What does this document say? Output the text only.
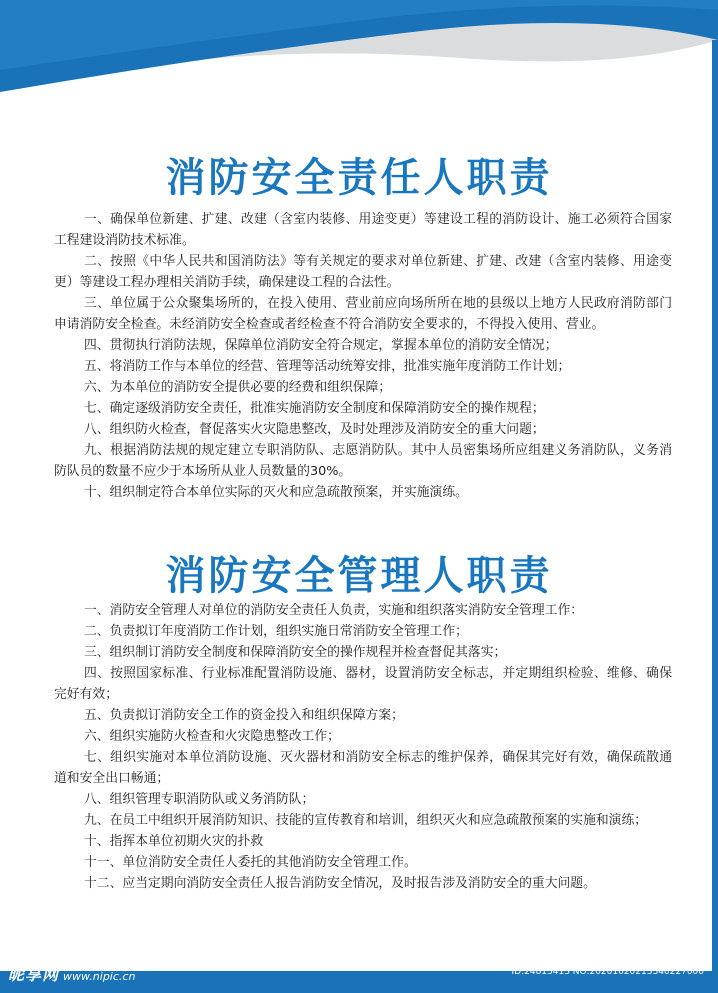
消防安全责任人职责

一、确保单位新建、扩建、改建（含室内装修、用途变更）等建设工程的消防设计、施工必须符合国家工程建设消防技术标准。

二、按照《中华人民共和国消防法》等有关规定的要求对单位新建、扩建、改建（含室内装修、用途变更）等建设工程办理相关消防手续，确保建设工程的合法性。

三、单位属于公众聚集场所的，在投入使用、营业前应向场所所在地的县级以上地方人民政府消防部门申请消防安全检查。未经消防安全检查或者经检查不符合消防安全要求的，不得投入使用、营业。

四、贯彻执行消防法规，保障单位消防安全符合规定，掌握本单位的消防安全情况；

五、将消防工作与本单位的经营、管理等活动统筹安排，批准实施年度消防工作计划；

六、为本单位的消防安全提供必要的经费和组织保障；

七、确定逐级消防安全责任，批准实施消防安全制度和保障消防安全的操作规程；

八、组织防火检查，督促落实火灾隐患整改，及时处理涉及消防安全的重大问题；

九、根据消防法规的规定建立专职消防队、志愿消防队。其中人员密集场所应组建义务消防队，义务消防队员的数量不应少于本场所从业人员数量的30%。

十、组织制定符合本单位实际的灭火和应急疏散预案，并实施演练。

消防安全管理人职责

一、消防安全管理人对单位的消防安全责任人负责，实施和组织落实消防安全管理工作：

二、负责拟订年度消防工作计划，组织实施日常消防安全管理工作；

三、组织制订消防安全制度和保障消防安全的操作规程并检查督促其落实；

四、按照国家标准、行业标准配置消防设施、器材，设置消防安全标志，并定期组织检验、维修、确保完好有效；

五、负责拟订消防安全工作的资金投入和组织保障方案；

六、组织实施防火检查和火灾隐患整改工作；

七、组织实施对本单位消防设施、灭火器材和消防安全标志的维护保养，确保其完好有效，确保疏散通道和安全出口畅通；

八、组织管理专职消防队或义务消防队；

九、在员工中组织开展消防知识、技能的宣传教育和培训，组织灭火和应急疏散预案的实施和演练；

十、指挥本单位初期火灾的扑救

十一、单位消防安全责任人委托的其他消防安全管理工作。

十二、应当定期向消防安全责任人报告消防安全情况，及时报告涉及消防安全的重大问题。

昵享网 www.nipic.cn	ID:24813413 NO:20201020213340227000
